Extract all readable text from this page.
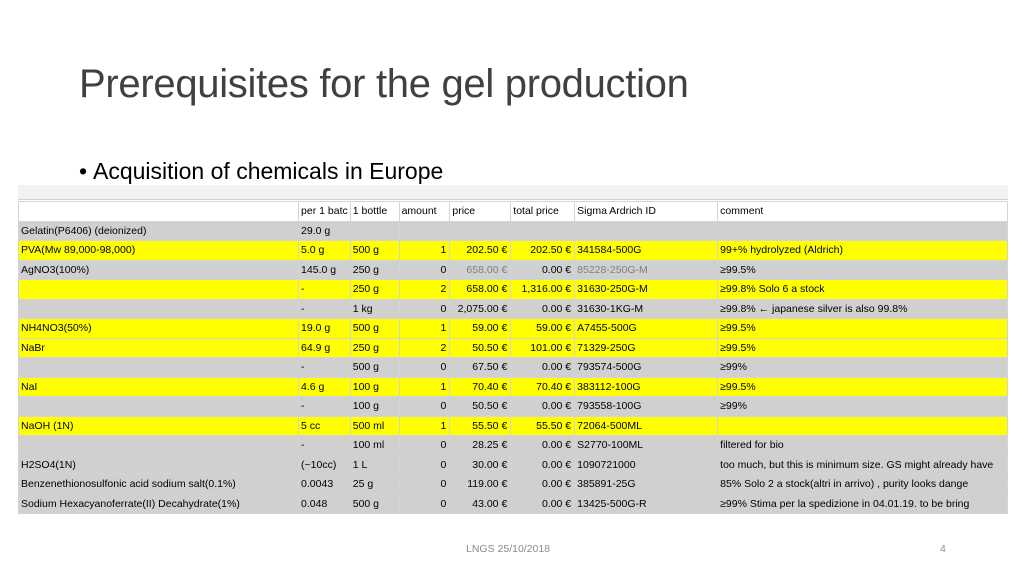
Prerequisites for the gel production
• Acquisition of chemicals in Europe
	per 1 batc	1 bottle	amount	price	total price	Sigma Ardrich ID	comment
Gelatin(P6406) (deionized)	29.0 g						
PVA(Mw 89,000-98,000)	5.0 g	500 g	1	202.50 €	202.50 €	341584-500G	99+% hydrolyzed (Aldrich)
AgNO3(100%)	145.0 g	250 g	0	658.00 €	0.00 €	85228-250G-M	≥99.5%
	-	250 g	2	658.00 €	1,316.00 €	31630-250G-M	≥99.8% Solo 6 a stock
	-	1 kg	0	2,075.00 €	0.00 €	31630-1KG-M	≥99.8% ← japanese silver is also 99.8%
NH4NO3(50%)	19.0 g	500 g	1	59.00 €	59.00 €	A7455-500G	≥99.5%
NaBr	64.9 g	250 g	2	50.50 €	101.00 €	71329-250G	≥99.5%
	-	500 g	0	67.50 €	0.00 €	793574-500G	≥99%
NaI	4.6 g	100 g	1	70.40 €	70.40 €	383112-100G	≥99.5%
	-	100 g	0	50.50 €	0.00 €	793558-100G	≥99%
NaOH (1N)	5 cc	500 ml	1	55.50 €	55.50 €	72064-500ML	
	-	100 ml	0	28.25 €	0.00 €	S2770-100ML	filtered for bio
H2SO4(1N)	(~10cc)	1 L	0	30.00 €	0.00 €	1090721000	too much, but this is minimum size. GS might already have
Benzenethionosulfonic acid sodium salt(0.1%)	0.0043	25 g	0	119.00 €	0.00 €	385891-25G	85% Solo 2 a stock(altri in arrivo) , purity looks dange
Sodium Hexacyanoferrate(II) Decahydrate(1%)	0.048	500 g	0	43.00 €	0.00 €	13425-500G-R	≥99% Stima per la spedizione in 04.01.19. to be bring
LNGS 25/10/2018	4
